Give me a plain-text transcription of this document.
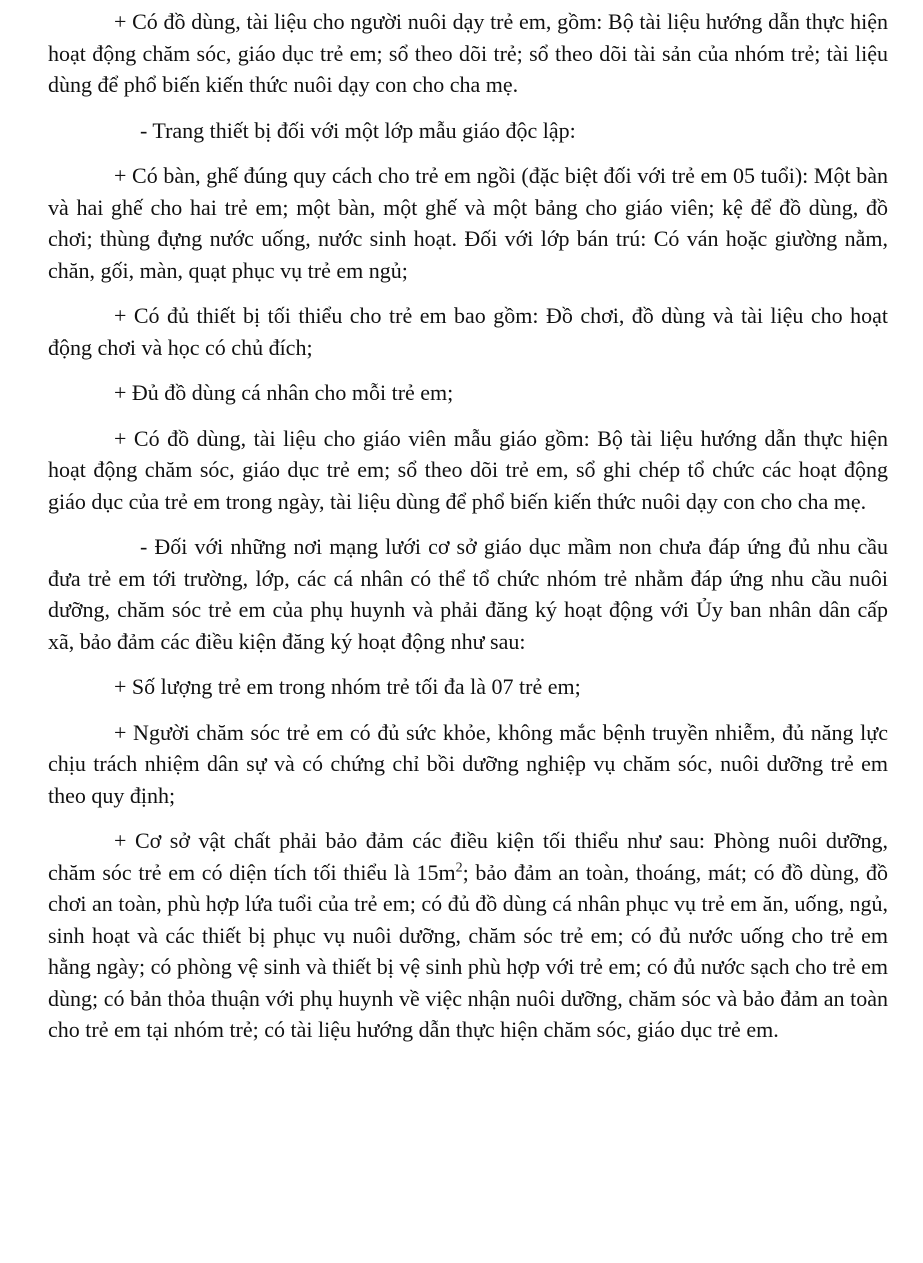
+ Có đồ dùng, tài liệu cho người nuôi dạy trẻ em, gồm: Bộ tài liệu hướng dẫn thực hiện hoạt động chăm sóc, giáo dục trẻ em; sổ theo dõi trẻ; sổ theo dõi tài sản của nhóm trẻ; tài liệu dùng để phổ biến kiến thức nuôi dạy con cho cha mẹ.

- Trang thiết bị đối với một lớp mẫu giáo độc lập:

+ Có bàn, ghế đúng quy cách cho trẻ em ngồi (đặc biệt đối với trẻ em 05 tuổi): Một bàn và hai ghế cho hai trẻ em; một bàn, một ghế và một bảng cho giáo viên; kệ để đồ dùng, đồ chơi; thùng đựng nước uống, nước sinh hoạt. Đối với lớp bán trú: Có ván hoặc giường nằm, chăn, gối, màn, quạt phục vụ trẻ em ngủ;

+ Có đủ thiết bị tối thiểu cho trẻ em bao gồm: Đồ chơi, đồ dùng và tài liệu cho hoạt động chơi và học có chủ đích;

+ Đủ đồ dùng cá nhân cho mỗi trẻ em;

+ Có đồ dùng, tài liệu cho giáo viên mẫu giáo gồm: Bộ tài liệu hướng dẫn thực hiện hoạt động chăm sóc, giáo dục trẻ em; sổ theo dõi trẻ em, sổ ghi chép tổ chức các hoạt động giáo dục của trẻ em trong ngày, tài liệu dùng để phổ biến kiến thức nuôi dạy con cho cha mẹ.

- Đối với những nơi mạng lưới cơ sở giáo dục mầm non chưa đáp ứng đủ nhu cầu đưa trẻ em tới trường, lớp, các cá nhân có thể tổ chức nhóm trẻ nhằm đáp ứng nhu cầu nuôi dưỡng, chăm sóc trẻ em của phụ huynh và phải đăng ký hoạt động với Ủy ban nhân dân cấp xã, bảo đảm các điều kiện đăng ký hoạt động như sau:

+ Số lượng trẻ em trong nhóm trẻ tối đa là 07 trẻ em;

+ Người chăm sóc trẻ em có đủ sức khỏe, không mắc bệnh truyền nhiễm, đủ năng lực chịu trách nhiệm dân sự và có chứng chỉ bồi dưỡng nghiệp vụ chăm sóc, nuôi dưỡng trẻ em theo quy định;

+ Cơ sở vật chất phải bảo đảm các điều kiện tối thiểu như sau: Phòng nuôi dưỡng, chăm sóc trẻ em có diện tích tối thiểu là $15m^2$; bảo đảm an toàn, thoáng, mát; có đồ dùng, đồ chơi an toàn, phù hợp lứa tuổi của trẻ em; có đủ đồ dùng cá nhân phục vụ trẻ em ăn, uống, ngủ, sinh hoạt và các thiết bị phục vụ nuôi dưỡng, chăm sóc trẻ em; có đủ nước uống cho trẻ em hằng ngày; có phòng vệ sinh và thiết bị vệ sinh phù hợp với trẻ em; có đủ nước sạch cho trẻ em dùng; có bản thỏa thuận với phụ huynh về việc nhận nuôi dưỡng, chăm sóc và bảo đảm an toàn cho trẻ em tại nhóm trẻ; có tài liệu hướng dẫn thực hiện chăm sóc, giáo dục trẻ em.
